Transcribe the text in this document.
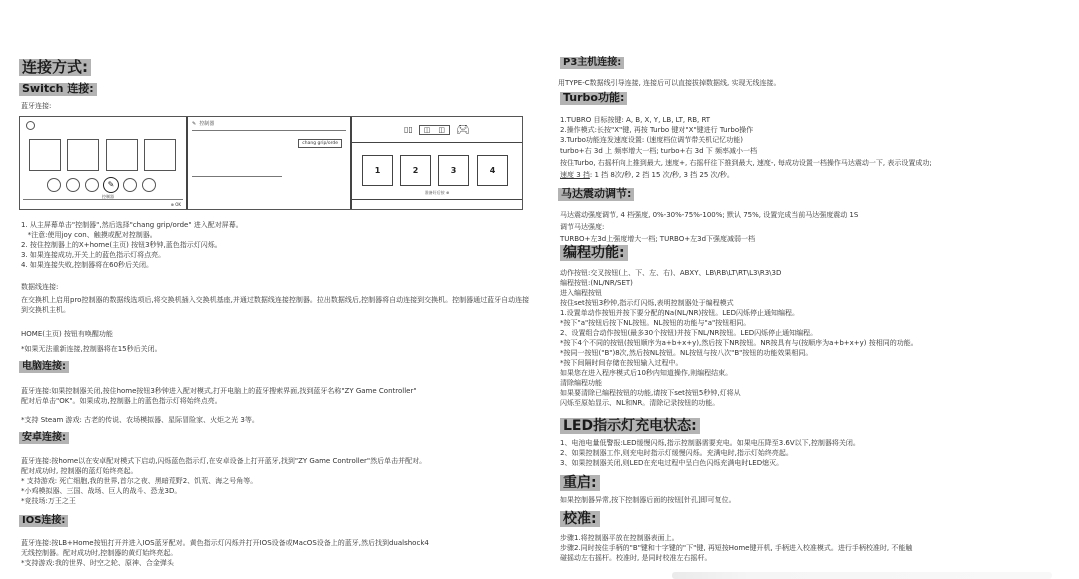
连接方式:
Switch 连接:
蓝牙连接:
✎
控制器
⊕ OK
✎ 控制器
chang grip/orde
▯▯ ◫ ◫ 🎮︎
1	2	3	4
准备好后按 ⊕
1. 从主屏幕单击"控制器",然后选择"chang grip/orde" 进入配对屏幕。
*注意:使用joy con、触摸或配对控制器。
2. 按住控制器上的X+home(主页) 按钮3秒钟,蓝色指示灯闪烁。
3. 如果连接成功,开关上的蓝色指示灯将点亮。
4. 如果连接失败,控制器将在60秒后关闭。
数据线连接:
在交换机上启用pro控制器的数据线选项后,将交换机插入交换机基座,并通过数据线连接控制器。拉出数据线后,控制器将自动连接到交换机。控制器通过蓝牙自动连接到交换机主机。
HOME(主页) 按钮有唤醒功能
*如果无法重新连接,控制器将在15秒后关闭。
电脑连接:
蓝牙连接:如果控制器关闭,按住home按钮3秒钟进入配对模式,打开电脑上的蓝牙搜索界面,找到蓝牙名称"ZY Game Controller"
配对后单击"OK"。如果成功,控制器上的蓝色指示灯将始终点亮。
*支持 Steam 游戏: 古老的传说、农场模拟器、星际冒险家、火炬之光 3等。
安卓连接:
蓝牙连接:按home以在安卓配对模式下启动,闪烁蓝色指示灯,在安卓设备上打开蓝牙,找到"ZY Game Controller"然后单击并配对。
配对成功时, 控制器的蓝灯始终亮起。
* 支持游戏: 死亡细胞,我的世界,首尔之夜、黑暗荒野2、饥荒、海之号角等。
*小鸡模拟器、三国、战场、巨人的战斗、恐龙3D。
*竞技场:万王之王
IOS连接:
蓝牙连接:按LB+Home按钮打开并进入IOS蓝牙配对。黄色指示灯闪烁并打开IOS设备或MacOS设备上的蓝牙,然后找到dualshock4
无线控制器。配对成功时,控制器的黄灯始终亮起。
*支持游戏:我的世界、时空之轮、原神、合金弹头
P3主机连接:
用TYPE-C数据线引导连接, 连接后可以直接拔掉数据线, 实现无线连接。
Turbo功能:
1.TUBRO 目标按键: A, B, X, Y, LB, LT, RB, RT
2.操作模式:长按"X"键, 再按 Turbo 键对"X"键进行 Turbo操作
3.Turbo功能连发速度设置: (速度档位调节带关机记忆功能)
turbo+右 3d 上 频率增大一档; turbo+右 3d 下 频率减小一档
按住Turbo, 右摇杆向上推到最大, 速度+, 右摇杆往下推到最大, 速度-, 每成功设置一档操作马达震动一下, 表示设置成功;
速度 3 挡: 1 挡 8次/秒, 2 挡 15 次/秒, 3 挡 25 次/秒。
马达震动调节:
马达震动强度调节, 4 档强度, 0%-30%-75%-100%; 默认 75%, 设置完成当前马达强度震动 1S
调节马达强度:
TURBO+左3d上强度增大一档; TURBO+左3d下强度减弱一档
编程功能:
动作按钮:交叉按钮(上、下、左、右)、ABXY、LB\RB\LT\RT\L3\R3\3D
编程按钮:(NL/NR/SET)
进入编程按钮
按住set按钮3秒钟,指示灯闪烁,表明控制器处于编程模式
1.设置单动作按钮并按下要分配的Na(NL/NR)按钮。LED闪烁停止通知编程。
*按下"a"按钮后按下NL按钮。NL按钮的功能与"a"按钮相同。
2、设置组合动作按钮(最多30个按钮)并按下NL/NR按钮。LED闪烁停止通知编程。
*按下4个不同的按钮(按钮顺序为a+b+x+y),然后按下NR按钮。NR按具有与(按顺序为a+b+x+y) 按相同的功能。
*按同一按钮("B")8次,然后按NL按钮。NL按钮与按八次"B"按钮的功能效果相同。
*按下间隔时间存储在按钮输入过程中。
如果您在进入程序模式后10秒内知道操作,则编程结束。
清除编程功能
如果要清除已编程按钮的功能,请按下set按钮5秒钟,灯将从
闪烁至原始显示、NL和NR。清除记录按钮的功能。
LED指示灯充电状态:
1、电池电量低警报:LED缓慢闪烁,指示控制器需要充电。如果电压降至3.6V以下,控制器将关闭。
2、如果控制器工作,则充电时指示灯缓慢闪烁。充满电时,指示灯始终亮起。
3、如果控制器关闭,则LED在充电过程中呈白色闪烁充满电时LED熄灭。
重启:
如果控制器异常,按下控制器后面的按钮[针孔]即可复位。
校准:
步骤1.将控制器平放在控制器表面上。
步骤2.同时按住手柄的"B"键和十字键的"下"键, 再短按Home键开机, 手柄进入校准模式。进行手柄校准时, 不能触
碰摇动左右摇杆。校准时, 是同时校准左右摇杆。
